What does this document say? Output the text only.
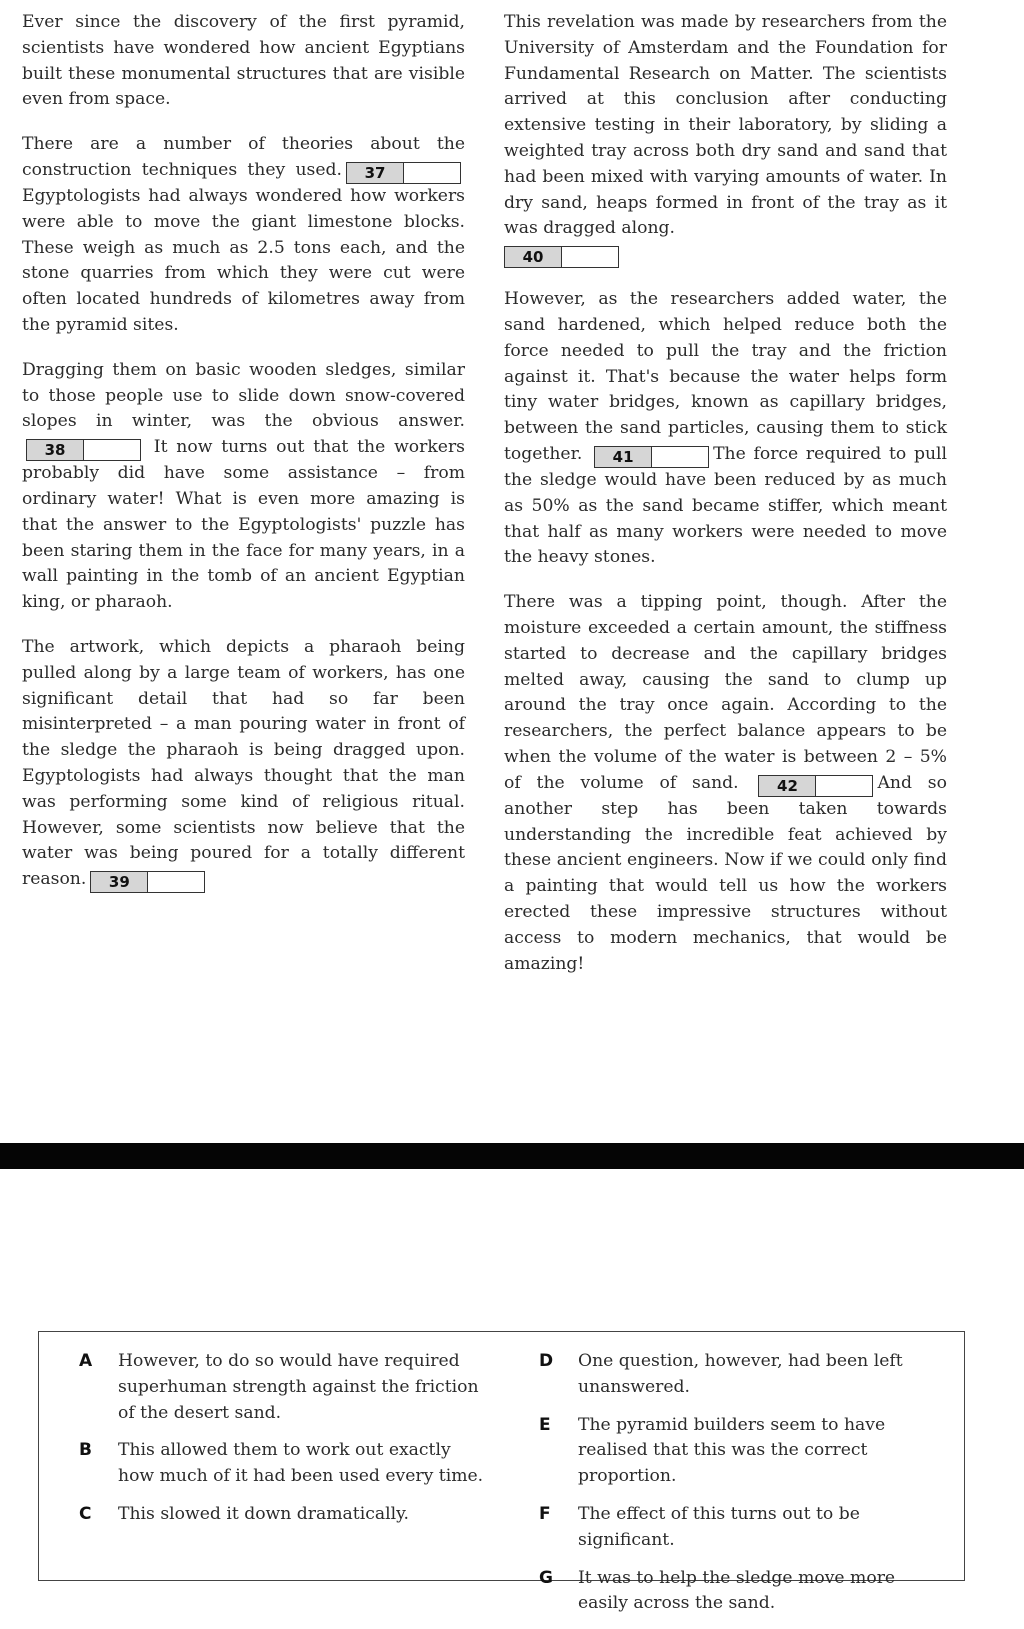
Ever since the discovery of the first pyramid, scientists have wondered how ancient Egyptians built these monumental structures that are visible even from space.

There are a number of theories about the construction techniques they used. 37Egyptologists had always wondered how workers were able to move the giant limestone blocks. These weigh as much as 2.5 tons each, and the stone quarries from which they were cut were often located hundreds of kilometres away from the pyramid sites.

Dragging them on basic wooden sledges, similar to those people use to slide down snow-covered slopes in winter, was the obvious answer.38	It now turns out that the workers probably did have some assistance – from ordinary water! What is even more amazing is that the answer to the Egyptologists' puzzle has been staring them in the face for many years, in a wall painting in the tomb of an ancient Egyptian king, or pharaoh.

The artwork, which depicts a pharaoh being pulled along by a large team of workers, has one significant detail that had so far been misinterpreted – a man pouring water in front of the sledge the pharaoh is being dragged upon. Egyptologists had always thought that the man was performing some kind of religious ritual. However, some scientists now believe that the water was being poured for a totally different reason. 39

This revelation was made by researchers from the University of Amsterdam and the Foundation for Fundamental Research on Matter. The scientists arrived at this conclusion after conducting extensive testing in their laboratory, by sliding a weighted tray across both dry sand and sand that had been mixed with varying amounts of water. In dry sand, heaps formed in front of the tray as it was dragged along.
40

However, as the researchers added water, the sand hardened, which helped reduce both the force needed to pull the tray and the friction against it. That's because the water helps form tiny water bridges, known as capillary bridges, between the sand particles, causing them to stick together. 41	The force required to pull the sledge would have been reduced by as much as 50% as the sand became stiffer, which meant that half as many workers were needed to move the heavy stones.

There was a tipping point, though. After the moisture exceeded a certain amount, the stiffness started to decrease and the capillary bridges melted away, causing the sand to clump up around the tray once again. According to the researchers, the perfect balance appears to be when the volume of the water is between 2 – 5% of the volume of sand.	42	And so another step has been taken towards understanding the incredible feat achieved by these ancient engineers. Now if we could only find a painting that would tell us how the workers erected these impressive structures without access to modern mechanics, that would be amazing!

A	However, to do so would have required superhuman strength against the friction of the desert sand.
B	This allowed them to work out exactly how much of it had been used every time.
C	This slowed it down dramatically.
D	One question, however, had been left unanswered.
E	The pyramid builders seem to have realised that this was the correct proportion.
F	The effect of this turns out to be significant.
G	It was to help the sledge move more easily across the sand.
